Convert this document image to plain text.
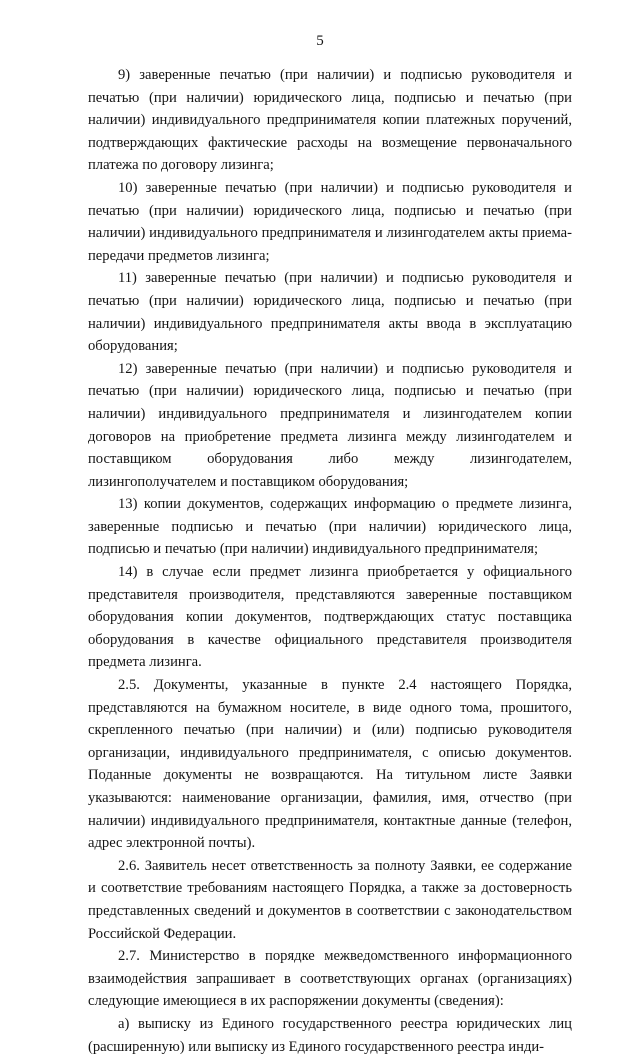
5

9) заверенные печатью (при наличии) и подписью руководителя и печатью (при наличии) юридического лица, подписью и печатью (при наличии) индивидуального предпринимателя копии платежных поручений, подтверждающих фактические расходы на возмещение первоначального платежа по договору лизинга;

10) заверенные печатью (при наличии) и подписью руководителя и печатью (при наличии) юридического лица, подписью и печатью (при наличии) индивидуального предпринимателя и лизингодателем акты приема-передачи предметов лизинга;

11) заверенные печатью (при наличии) и подписью руководителя и печатью (при наличии) юридического лица, подписью и печатью (при наличии) индивидуального предпринимателя акты ввода в эксплуатацию оборудования;

12) заверенные печатью (при наличии) и подписью руководителя и печатью (при наличии) юридического лица, подписью и печатью (при наличии) индивидуального предпринимателя и лизингодателем копии договоров на приобретение предмета лизинга между лизингодателем и поставщиком оборудования либо между лизингодателем, лизингополучателем и поставщиком оборудования;

13) копии документов, содержащих информацию о предмете лизинга, заверенные подписью и печатью (при наличии) юридического лица, подписью и печатью (при наличии) индивидуального предпринимателя;

14) в случае если предмет лизинга приобретается у официального представителя производителя, представляются заверенные поставщиком оборудования копии документов, подтверждающих статус поставщика оборудования в качестве официального представителя производителя предмета лизинга.

2.5. Документы, указанные в пункте 2.4 настоящего Порядка, представляются на бумажном носителе, в виде одного тома, прошитого, скрепленного печатью (при наличии) и (или) подписью руководителя организации, индивидуального предпринимателя, с описью документов. Поданные документы не возвращаются. На титульном листе Заявки указываются: наименование организации, фамилия, имя, отчество (при наличии) индивидуального предпринимателя, контактные данные (телефон, адрес электронной почты).

2.6. Заявитель несет ответственность за полноту Заявки, ее содержание и соответствие требованиям настоящего Порядка, а также за достоверность представленных сведений и документов в соответствии с законодательством Российской Федерации.

2.7. Министерство в порядке межведомственного информационного взаимодействия запрашивает в соответствующих органах (организациях) следующие имеющиеся в их распоряжении документы (сведения):

а) выписку из Единого государственного реестра юридических лиц (расширенную) или выписку из Единого государственного реестра инди-
